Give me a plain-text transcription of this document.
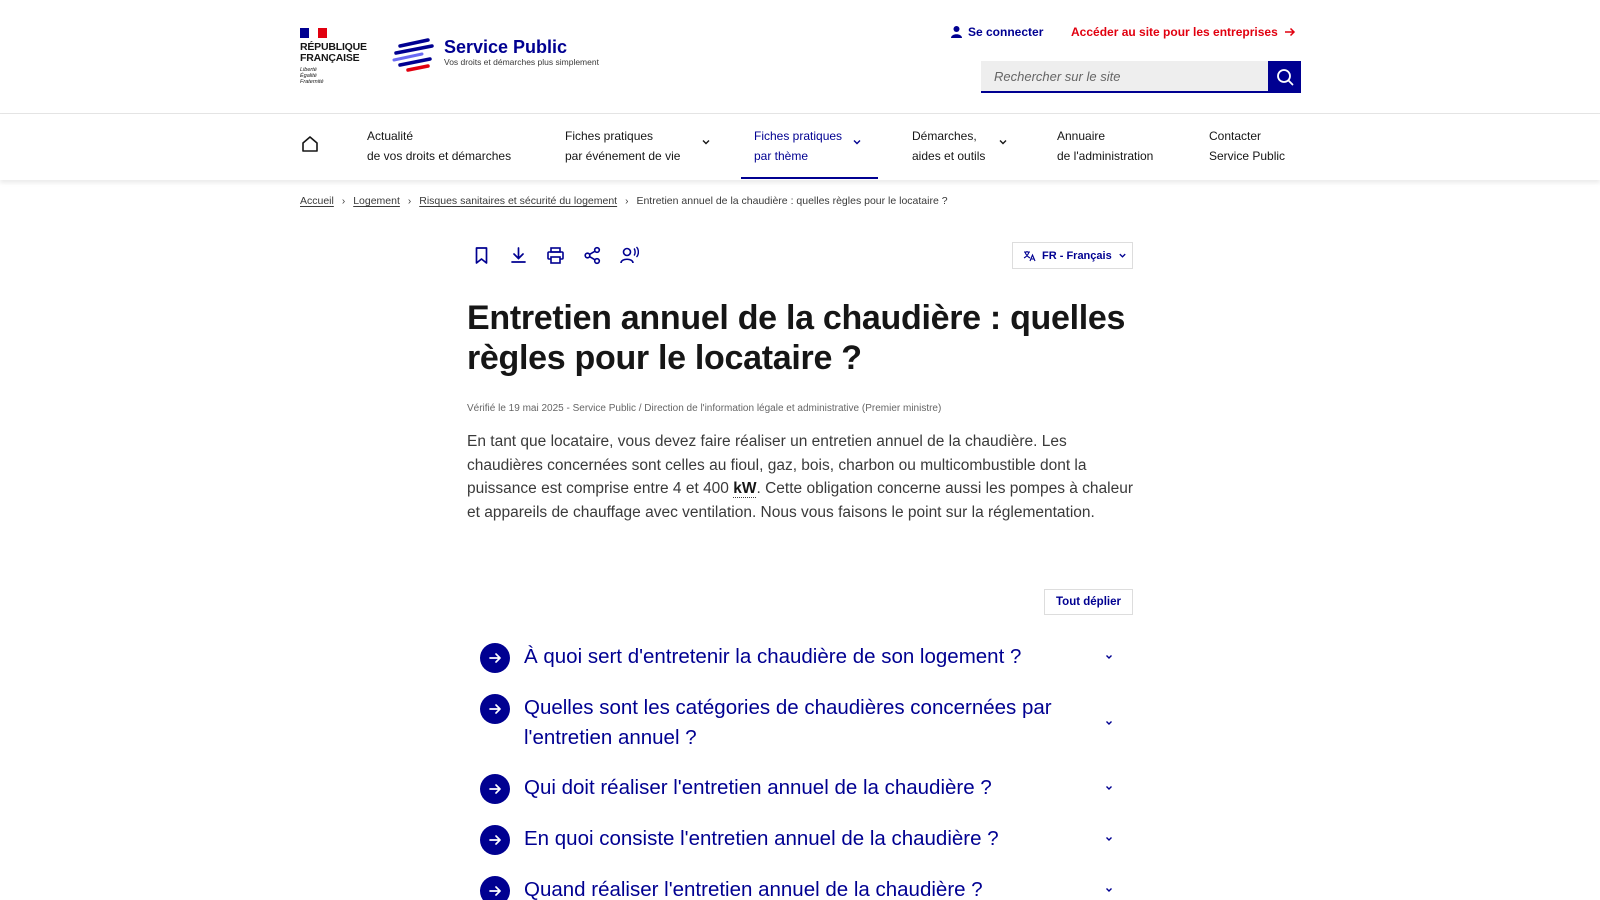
RÉPUBLIQUE
FRANÇAISE
Liberté
Égalité
Fraternité
Service Public
Vos droits et démarches plus simplement
Se connecter Accéder au site pour les entreprises
Rechercher sur le site
Actualité
de vos droits et démarches
Fiches pratiques
par événement de vie
Fiches pratiques
par thème
Démarches,
aides et outils
Annuaire
de l'administration
Contacter
Service Public
Accueil › Logement › Risques sanitaires et sécurité du logement › Entretien annuel de la chaudière : quelles règles pour le locataire ?
FR - Français
Entretien annuel de la chaudière : quelles règles pour le locataire ?
Vérifié le 19 mai 2025 - Service Public / Direction de l'information légale et administrative (Premier ministre)

En tant que locataire, vous devez faire réaliser un entretien annuel de la chaudière. Les chaudières concernées sont celles au fioul, gaz, bois, charbon ou multicombustible dont la puissance est comprise entre 4 et 400 kW. Cette obligation concerne aussi les pompes à chaleur et appareils de chauffage avec ventilation. Nous vous faisons le point sur la réglementation.

Tout déplier
À quoi sert d'entretenir la chaudière de son logement ?
Quelles sont les catégories de chaudières concernées par l'entretien annuel ?
Qui doit réaliser l'entretien annuel de la chaudière ?
En quoi consiste l'entretien annuel de la chaudière ?
Quand réaliser l'entretien annuel de la chaudière ?
